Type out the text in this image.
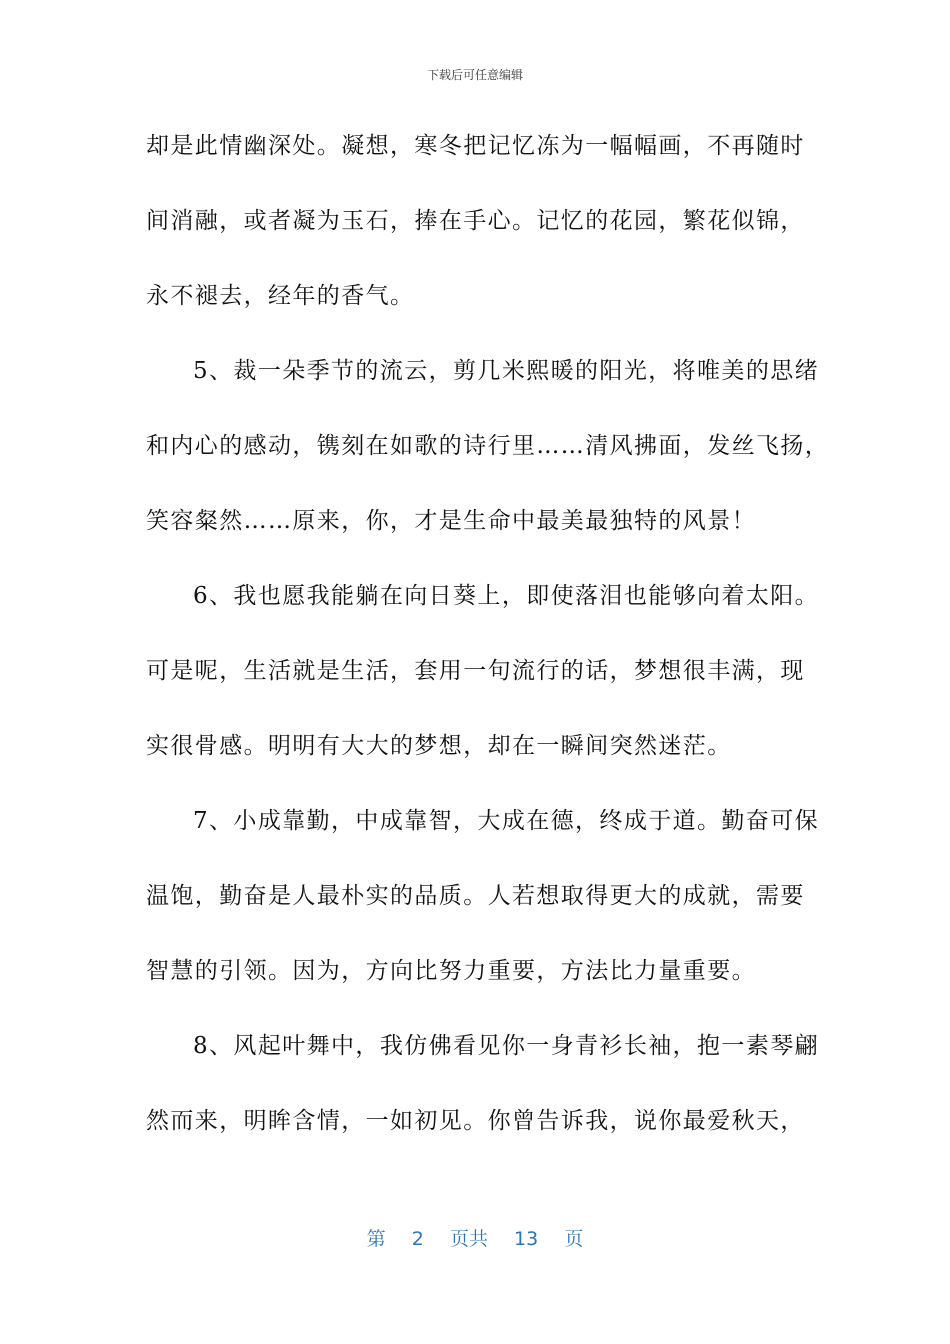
下载后可任意编辑
却是此情幽深处。凝想，寒冬把记忆冻为一幅幅画，不再随时
间消融，或者凝为玉石，捧在手心。记忆的花园，繁花似锦，
永不褪去，经年的香气。
5、裁一朵季节的流云，剪几米熙暖的阳光，将唯美的思绪
和内心的感动，镌刻在如歌的诗行里……清风拂面，发丝飞扬，
笑容粲然……原来，你，才是生命中最美最独特的风景！
6、我也愿我能躺在向日葵上，即使落泪也能够向着太阳。
可是呢，生活就是生活，套用一句流行的话，梦想很丰满，现
实很骨感。明明有大大的梦想，却在一瞬间突然迷茫。
7、小成靠勤，中成靠智，大成在德，终成于道。勤奋可保
温饱，勤奋是人最朴实的品质。人若想取得更大的成就，需要
智慧的引领。因为，方向比努力重要，方法比力量重要。
8、风起叶舞中，我仿佛看见你一身青衫长袖，抱一素琴翩
然而来，明眸含情，一如初见。你曾告诉我，说你最爱秋天，
第 2 页共 13 页
